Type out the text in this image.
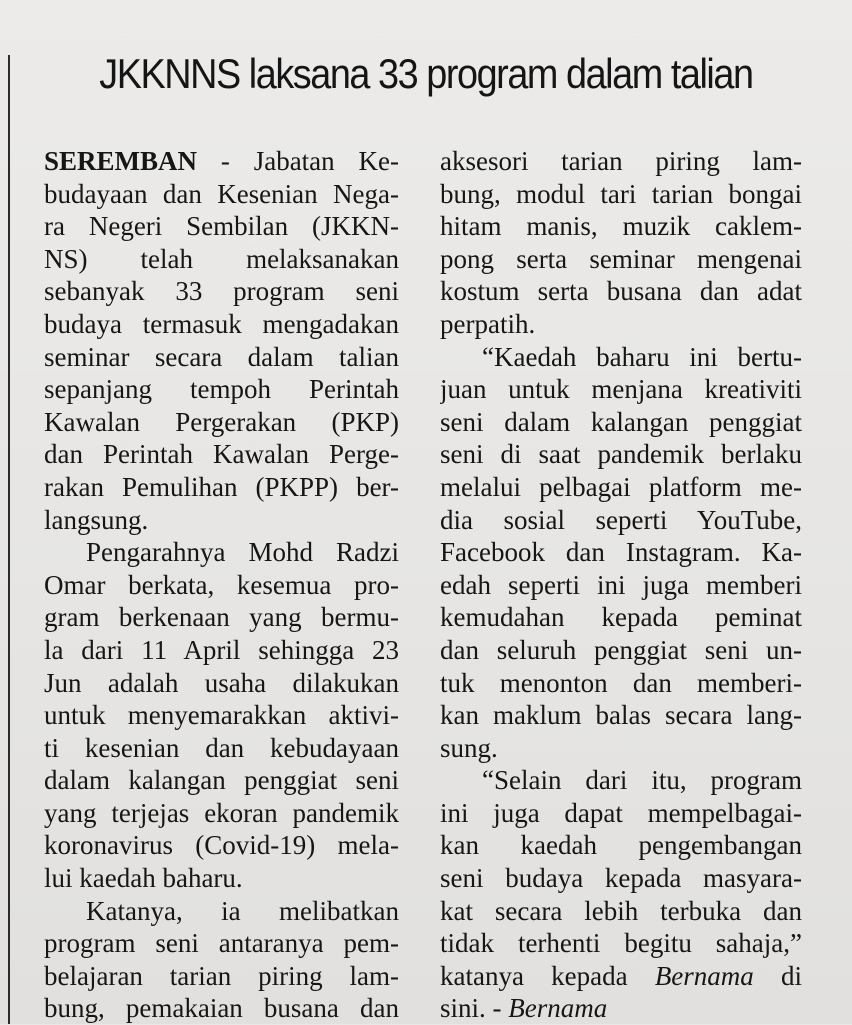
JKKNNS laksana 33 program dalam talian
SEREMBAN - Jabatan Ke-
budayaan dan Kesenian Nega-
ra Negeri Sembilan (JKKN-
NS) telah melaksanakan
sebanyak 33 program seni
budaya termasuk mengadakan
seminar secara dalam talian
sepanjang tempoh Perintah
Kawalan Pergerakan (PKP)
dan Perintah Kawalan Perge-
rakan Pemulihan (PKPP) ber-
langsung.
Pengarahnya Mohd Radzi
Omar berkata, kesemua pro-
gram berkenaan yang bermu-
la dari 11 April sehingga 23
Jun adalah usaha dilakukan
untuk menyemarakkan aktivi-
ti kesenian dan kebudayaan
dalam kalangan penggiat seni
yang terjejas ekoran pandemik
koronavirus (Covid-19) mela-
lui kaedah baharu.
Katanya, ia melibatkan
program seni antaranya pem-
belajaran tarian piring lam-
bung, pemakaian busana dan
aksesori tarian piring lam-
bung, modul tari tarian bongai
hitam manis, muzik caklem-
pong serta seminar mengenai
kostum serta busana dan adat
perpatih.
“Kaedah baharu ini bertu-
juan untuk menjana kreativiti
seni dalam kalangan penggiat
seni di saat pandemik berlaku
melalui pelbagai platform me-
dia sosial seperti YouTube,
Facebook dan Instagram. Ka-
edah seperti ini juga memberi
kemudahan kepada peminat
dan seluruh penggiat seni un-
tuk menonton dan memberi-
kan maklum balas secara lang-
sung.
“Selain dari itu, program
ini juga dapat mempelbagai-
kan kaedah pengembangan
seni budaya kepada masyara-
kat secara lebih terbuka dan
tidak terhenti begitu sahaja,”
katanya kepada Bernama di
sini. - Bernama
